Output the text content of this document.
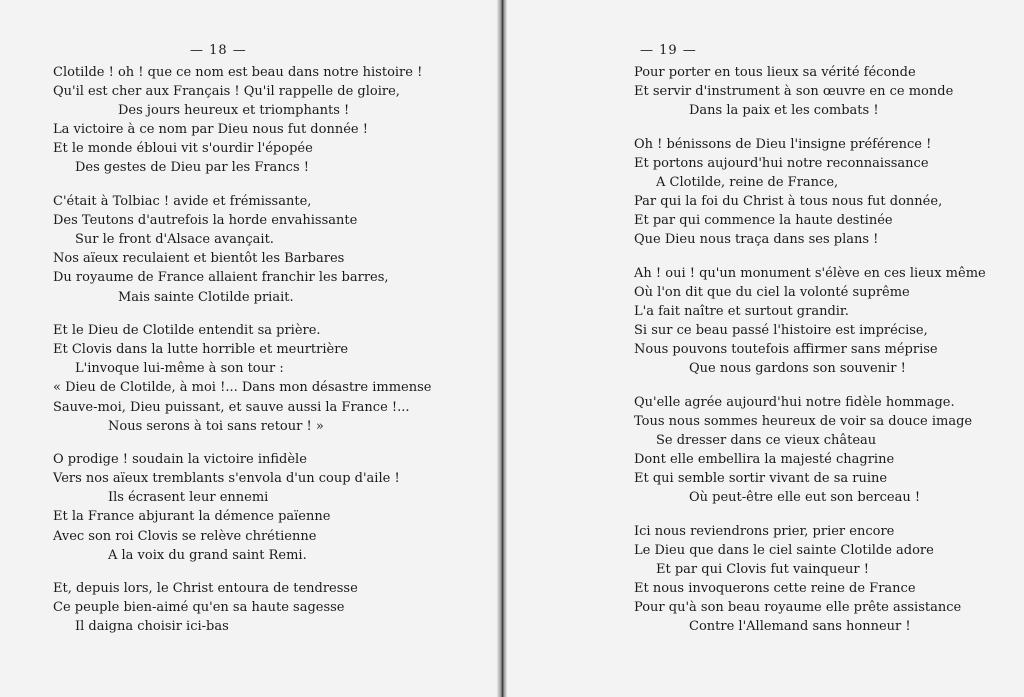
— 18 —
Clotilde ! oh ! que ce nom est beau dans notre histoire !
Qu'il est cher aux Français ! Qu'il rappelle de gloire,
Des jours heureux et triomphants !
La victoire à ce nom par Dieu nous fut donnée !
Et le monde ébloui vit s'ourdir l'épopée
Des gestes de Dieu par les Francs !
C'était à Tolbiac ! avide et frémissante,
Des Teutons d'autrefois la horde envahissante
Sur le front d'Alsace avançait.
Nos aïeux reculaient et bientôt les Barbares
Du royaume de France allaient franchir les barres,
Mais sainte Clotilde priait.
Et le Dieu de Clotilde entendit sa prière.
Et Clovis dans la lutte horrible et meurtrière
L'invoque lui-même à son tour :
« Dieu de Clotilde, à moi !... Dans mon désastre immense
Sauve-moi, Dieu puissant, et sauve aussi la France !...
Nous serons à toi sans retour ! »
O prodige ! soudain la victoire infidèle
Vers nos aïeux tremblants s'envola d'un coup d'aile !
Ils écrasent leur ennemi
Et la France abjurant la démence païenne
Avec son roi Clovis se relève chrétienne
A la voix du grand saint Remi.
Et, depuis lors, le Christ entoura de tendresse
Ce peuple bien-aimé qu'en sa haute sagesse
Il daigna choisir ici-bas
— 19 —
Pour porter en tous lieux sa vérité féconde
Et servir d'instrument à son œuvre en ce monde
Dans la paix et les combats !
Oh ! bénissons de Dieu l'insigne préférence !
Et portons aujourd'hui notre reconnaissance
A Clotilde, reine de France,
Par qui la foi du Christ à tous nous fut donnée,
Et par qui commence la haute destinée
Que Dieu nous traça dans ses plans !
Ah ! oui ! qu'un monument s'élève en ces lieux même
Où l'on dit que du ciel la volonté suprême
L'a fait naître et surtout grandir.
Si sur ce beau passé l'histoire est imprécise,
Nous pouvons toutefois affirmer sans méprise
Que nous gardons son souvenir !
Qu'elle agrée aujourd'hui notre fidèle hommage.
Tous nous sommes heureux de voir sa douce image
Se dresser dans ce vieux château
Dont elle embellira la majesté chagrine
Et qui semble sortir vivant de sa ruine
Où peut-être elle eut son berceau !
Ici nous reviendrons prier, prier encore
Le Dieu que dans le ciel sainte Clotilde adore
Et par qui Clovis fut vainqueur !
Et nous invoquerons cette reine de France
Pour qu'à son beau royaume elle prête assistance
Contre l'Allemand sans honneur !
